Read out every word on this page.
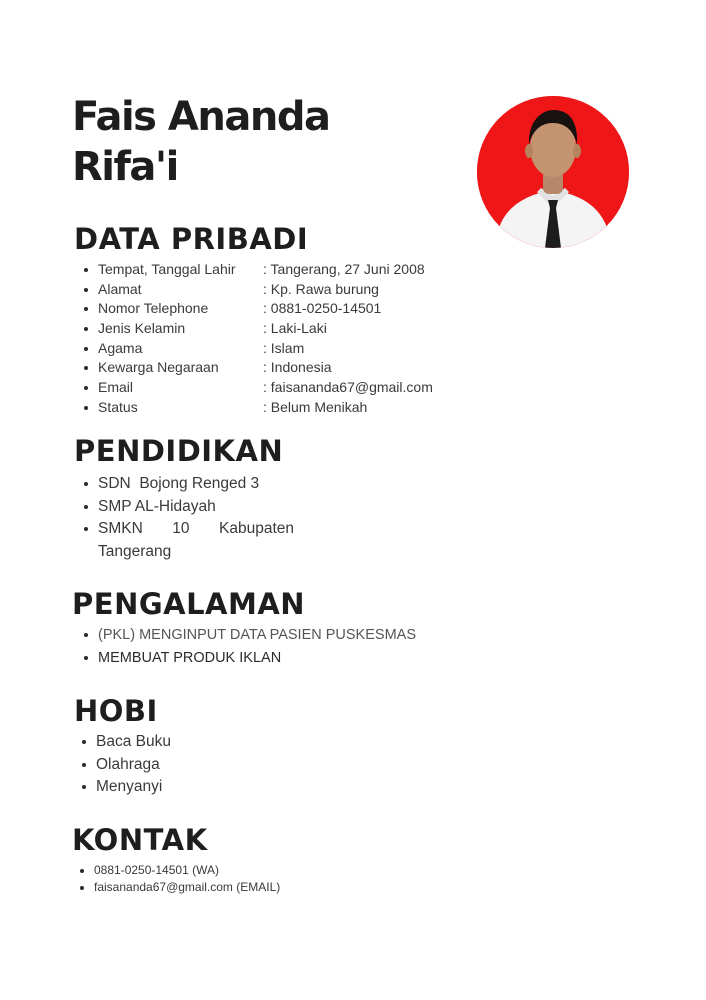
Fais Ananda
Rifa'i
DATA PRIBADI
Tempat, Tanggal Lahir : Tangerang, 27 Juni 2008
Alamat	: Kp. Rawa burung
Nomor Telephone	: 0881-0250-14501
Jenis Kelamin	: Laki-Laki
Agama	: Islam
Kewarga Negaraan	: Indonesia
Email	: faisananda67@gmail.com
Status	: Belum Menikah
PENDIDIKAN
SDN  Bojong Renged 3
SMP AL-Hidayah
SMKN 10 Kabupaten Tangerang
PENGALAMAN
(PKL) MENGINPUT DATA PASIEN PUSKESMAS
MEMBUAT PRODUK IKLAN
HOBI
Baca Buku
Olahraga
Menyanyi
KONTAK
0881-0250-14501 (WA)
faisananda67@gmail.com (EMAIL)
